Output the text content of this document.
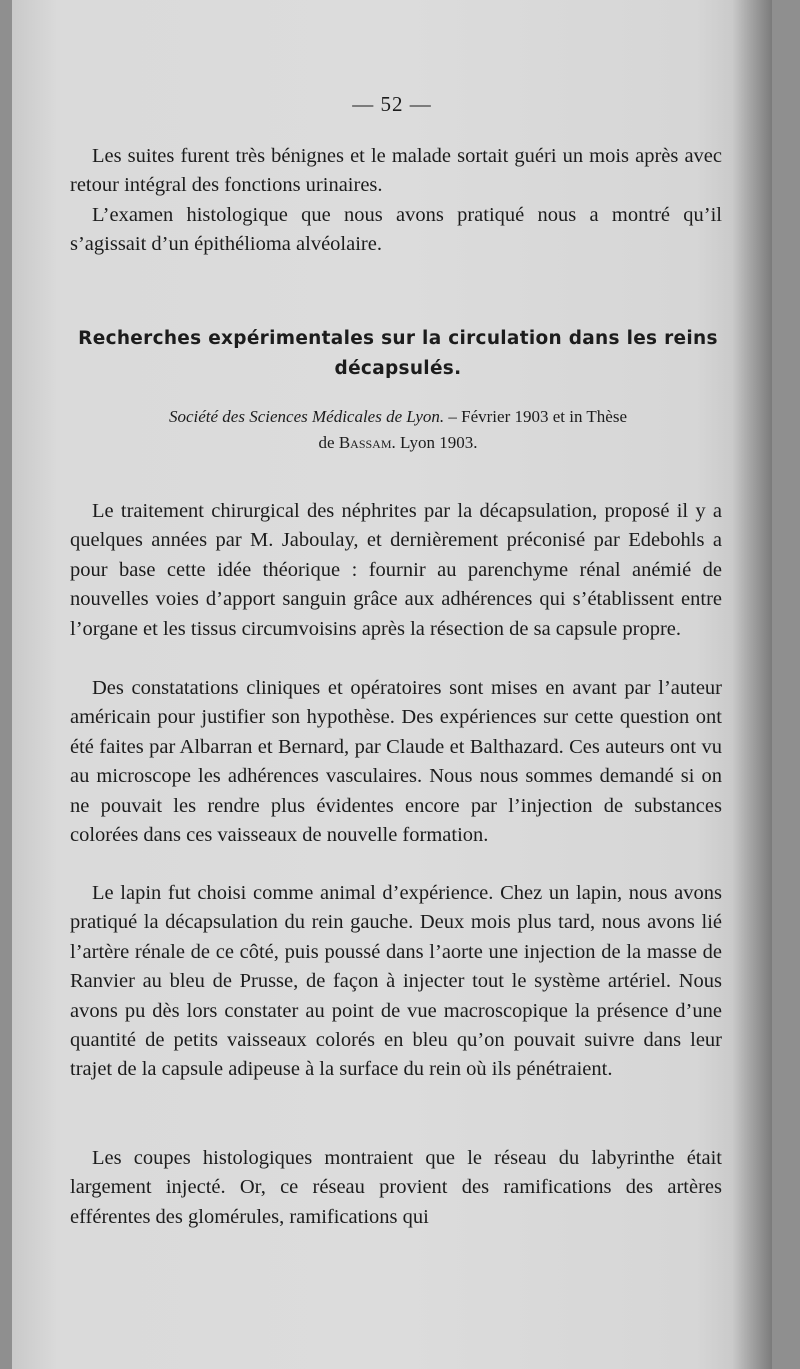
— 52 —

Les suites furent très bénignes et le malade sortait guéri un mois après avec retour intégral des fonctions urinaires.

L’examen histologique que nous avons pratiqué nous a montré qu’il s’agissait d’un épithélioma alvéolaire.

Recherches expérimentales sur la circulation dans les reins décapsulés.
Société des Sciences Médicales de Lyon. – Février 1903 et in Thèse
de Bassam. Lyon 1903.

Le traitement chirurgical des néphrites par la décapsulation, proposé il y a quelques années par M. Jaboulay, et dernièrement préconisé par Edebohls a pour base cette idée théorique : fournir au parenchyme rénal anémié de nouvelles voies d’apport sanguin grâce aux adhérences qui s’établissent entre l’organe et les tissus circumvoisins après la résection de sa capsule propre.

Des constatations cliniques et opératoires sont mises en avant par l’auteur américain pour justifier son hypothèse. Des expériences sur cette question ont été faites par Albarran et Bernard, par Claude et Balthazard. Ces auteurs ont vu au microscope les adhérences vasculaires. Nous nous sommes demandé si on ne pouvait les rendre plus évidentes encore par l’injection de substances colorées dans ces vaisseaux de nouvelle formation.

Le lapin fut choisi comme animal d’expérience. Chez un lapin, nous avons pratiqué la décapsulation du rein gauche. Deux mois plus tard, nous avons lié l’artère rénale de ce côté, puis poussé dans l’aorte une injection de la masse de Ranvier au bleu de Prusse, de façon à injecter tout le système artériel. Nous avons pu dès lors constater au point de vue macroscopique la présence d’une quantité de petits vaisseaux colorés en bleu qu’on pouvait suivre dans leur trajet de la capsule adipeuse à la surface du rein où ils pénétraient.

Les coupes histologiques montraient que le réseau du labyrinthe était largement injecté. Or, ce réseau provient des ramifications des artères efférentes des glomérules, ramifications qui
